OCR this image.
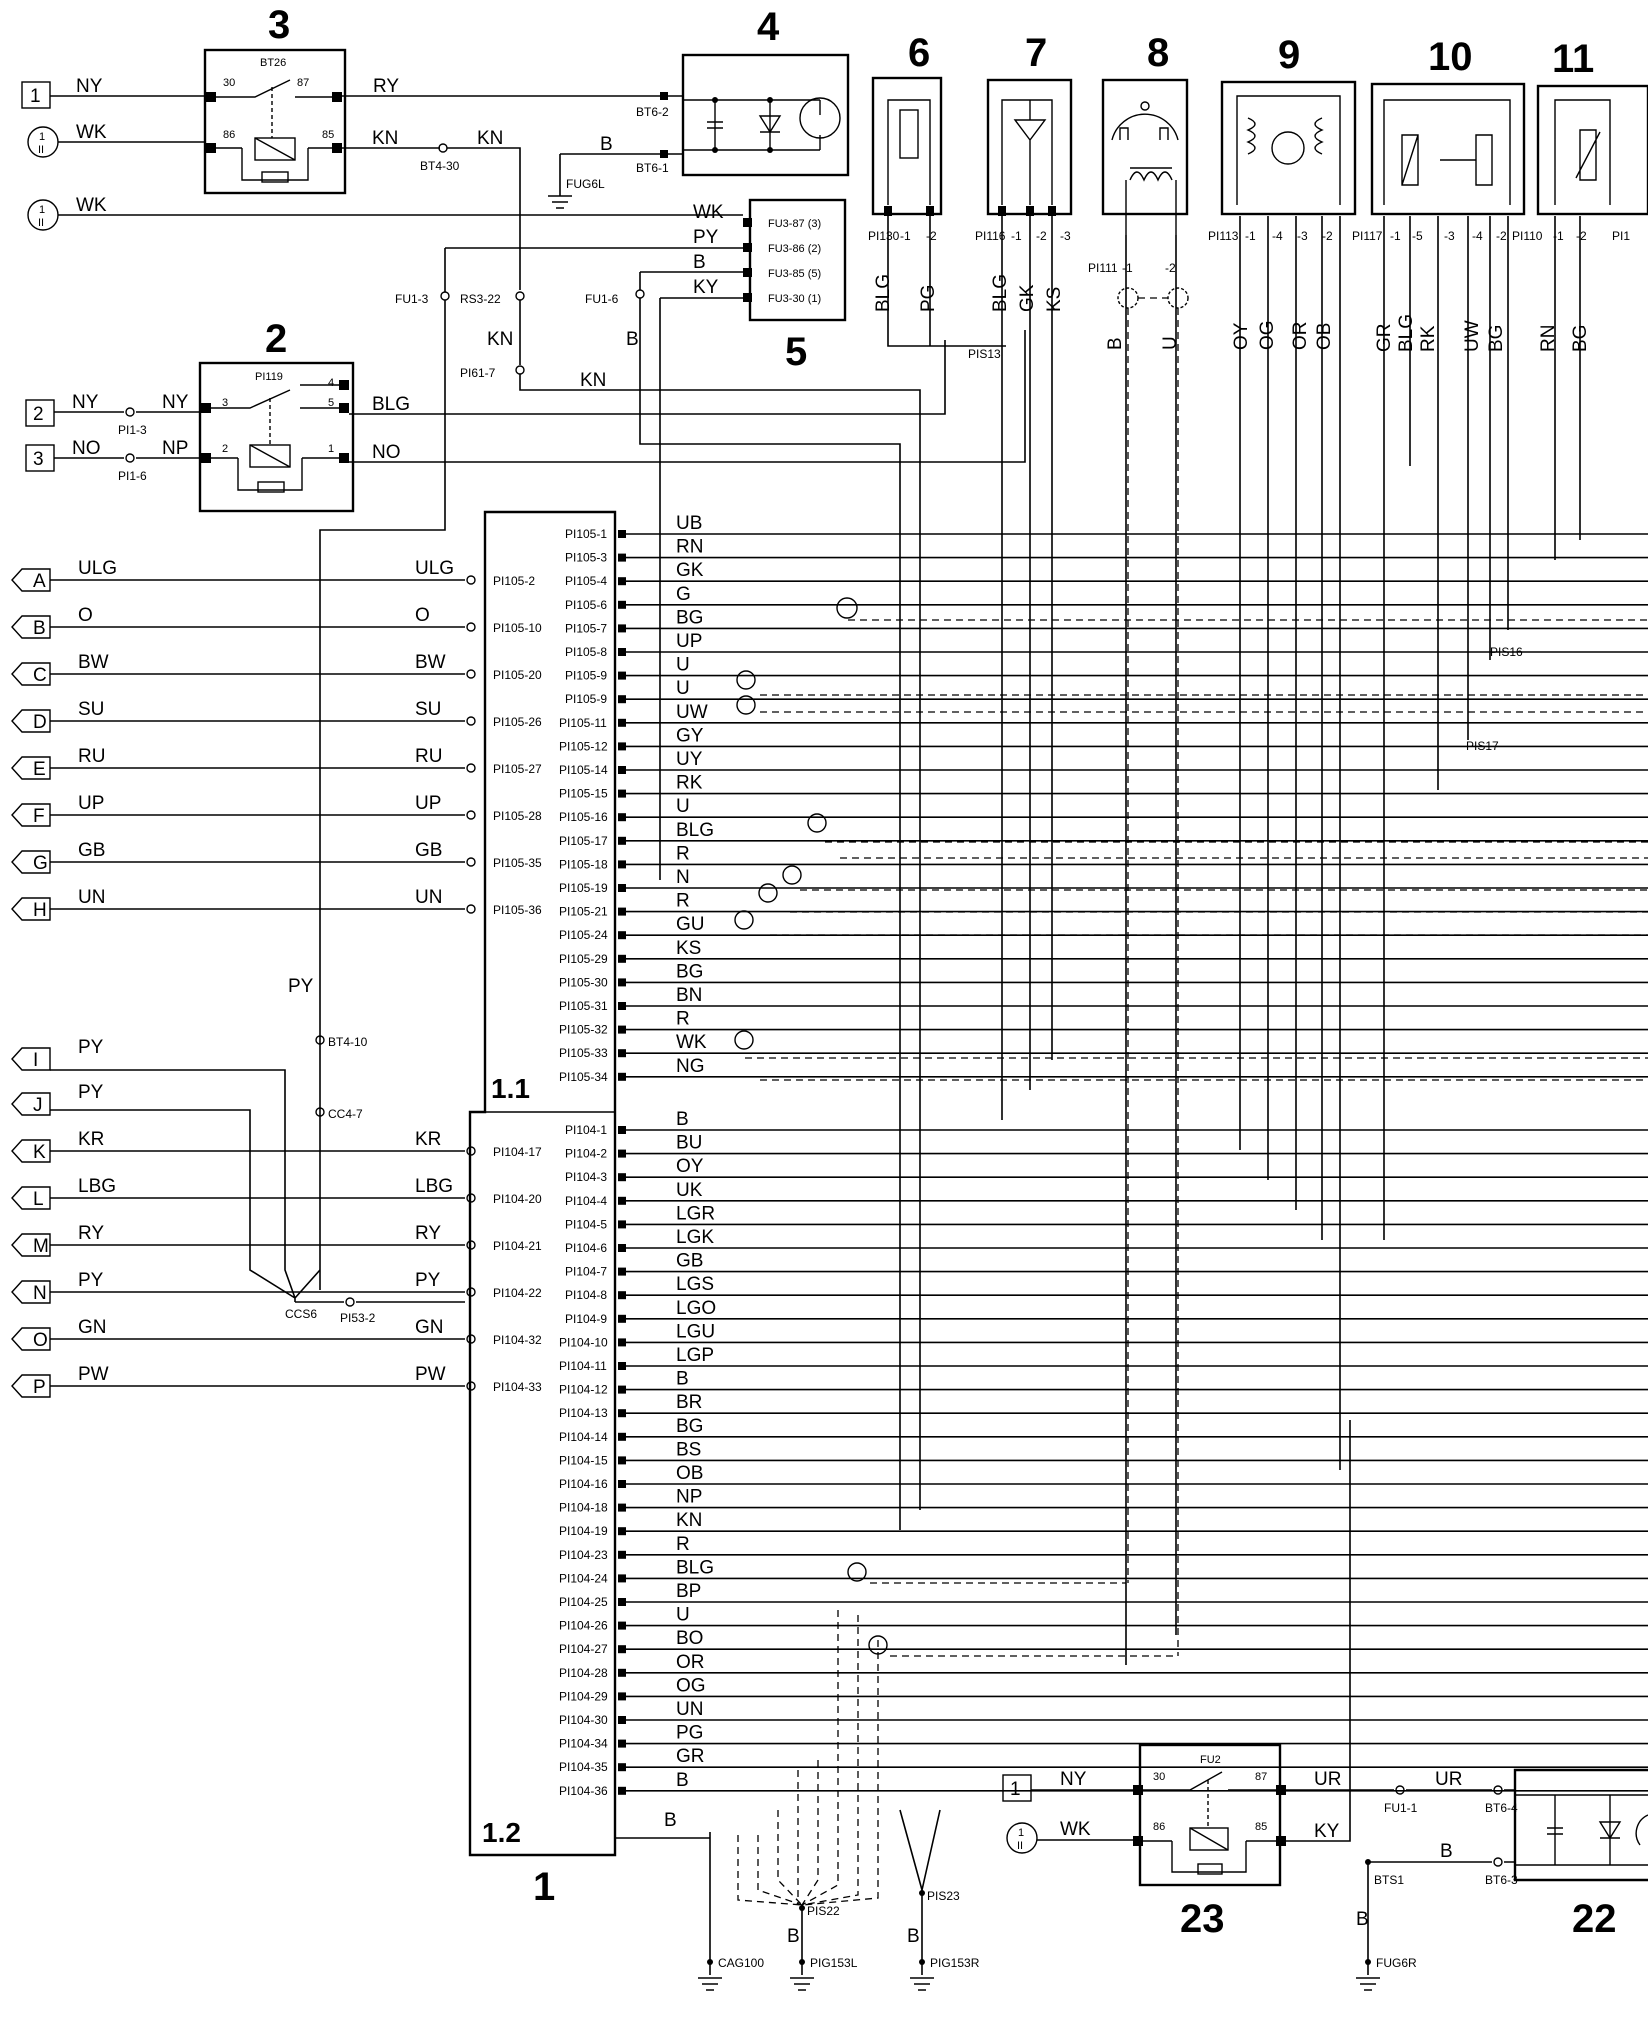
3	4
6 7 8	9	10 11
2	5
1
23	22
BT26
30	87
86	85
FU3-87 (3)
FU3-86 (2)
FU3-85 (5)
FU3-30 (1)
PI119
3
4
5
2	1
PI130 -1 -2	PI116 -1 -2 -3
PI111 -1	-2
PI113 -1 -4 -3 -2 PI117 -1 -5 -3 -4 -2 PI110 -1 -2 PI1
BLG PG	BLG GK KS
B U	OY OG OR OB GR BLG RK UW BG RN BG
1
1
II
1
II
2
3
NY
WK
RY
KN
BT4-30
KN
BT6-2
BT6-1
B
FUG6L
WK	WK
PY
B
KY
FU1-3	RS3-22
KN
PI61-7	KN
FU1-6
B
NY	NY
PI1-3
NO	NP
PI1-6
BLG
NO
PIS13
PIS16
PIS17
1.1
1.2
PY
BT4-10
CC4-7
CCS6 PI53-2
A
ULG	ULG
PI105-2
B
O	O
PI105-10
C
BW	BW
PI105-20
D
SU	SU
PI105-26
E
RU	RU
PI105-27
F
UP	UP
PI105-28
G
GB	GB
PI105-35
H
UN	UN
PI105-36
I
PY
J
PY
K
KR	KR
PI104-17
L
LBG	LBG
PI104-20
M
RY	RY
PI104-21
N
PY	PY
PI104-22
O
GN	GN
PI104-32
P
PW	PW
PI104-33
PI105-1	UB
PI105-3	RN
PI105-4	GK
PI105-6	G
PI105-7	BG
PI105-8	UP
PI105-9	U
PI105-9	U
PI105-11	UW
PI105-12	GY
PI105-14	UY
PI105-15	RK
PI105-16	U
PI105-17	BLG
PI105-18	R
PI105-19	N
PI105-21	R
PI105-24	GU
PI105-29	KS
PI105-30	BG
PI105-31	BN
PI105-32	R
PI105-33	WK
PI105-34	NG
PI104-1	B
PI104-2	BU
PI104-3	OY
PI104-4	UK
PI104-5	LGR
PI104-6	LGK
PI104-7	GB
PI104-8	LGS
PI104-9	LGO
PI104-10	LGU
PI104-11	LGP
PI104-12	B
PI104-13	BR
PI104-14	BG
PI104-15	BS
PI104-16	OB
PI104-18	NP
PI104-19	KN
PI104-23	R
PI104-24	BLG
PI104-25	BP
PI104-26	U
PI104-27	BO
PI104-28	OR
PI104-29	OG
PI104-30	UN
PI104-34	PG
PI104-35	GR
PI104-36	B
B
PIS22
PIS23
B	B
CAG100	PIG153L	PIG153R
FU2
30	87
86	85
1
1
II
NY
WK
UR	UR
FU1-1	BT6-4
KY
B
BTS1	BT6-3
B
FUG6R
